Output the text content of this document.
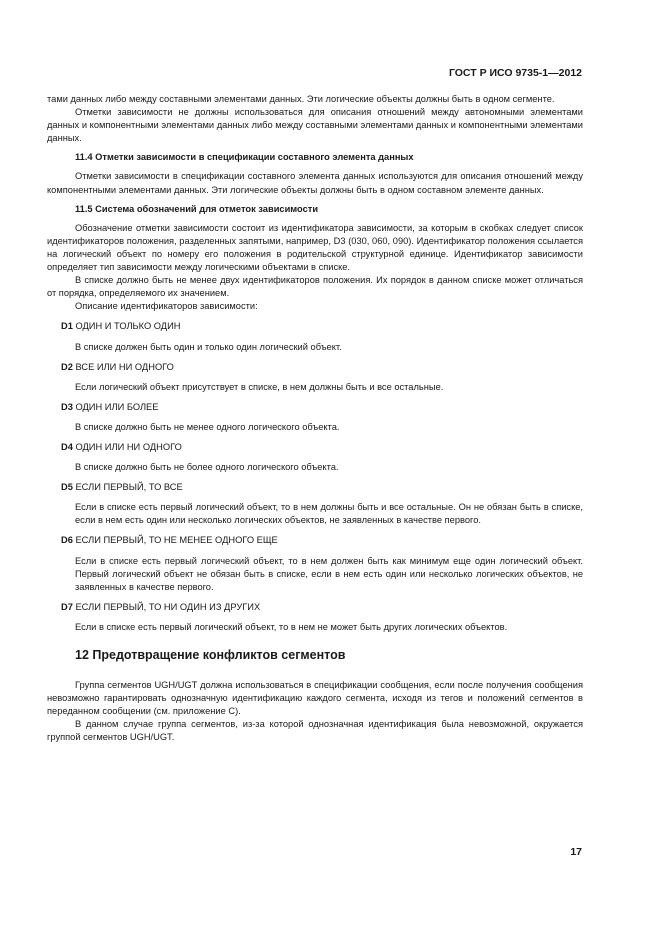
ГОСТ Р ИСО 9735-1—2012

тами данных либо между составными элементами данных. Эти логические объекты должны быть в одном сегменте.

Отметки зависимости не должны использоваться для описания отношений между автономными элементами данных и компонентными элементами данных либо между составными элементами данных и компонентными элементами данных.

11.4 Отметки зависимости в спецификации составного элемента данных

Отметки зависимости в спецификации составного элемента данных используются для описания отношений между компонентными элементами данных. Эти логические объекты должны быть в одном составном элементе данных.

11.5 Система обозначений для отметок зависимости

Обозначение отметки зависимости состоит из идентификатора зависимости, за которым в скобках следует список идентификаторов положения, разделенных запятыми, например, D3 (030, 060, 090). Идентификатор положения ссылается на логический объект по номеру его положения в родительской структурной единице. Идентификатор зависимости определяет тип зависимости между логическими объектами в списке.

В списке должно быть не менее двух идентификаторов положения. Их порядок в данном списке может отличаться от порядка, определяемого их значением.

Описание идентификаторов зависимости:

D1 ОДИН И ТОЛЬКО ОДИН

В списке должен быть один и только один логический объект.

D2 ВСЕ ИЛИ НИ ОДНОГО

Если логический объект присутствует в списке, в нем должны быть и все остальные.

D3 ОДИН ИЛИ БОЛЕЕ

В списке должно быть не менее одного логического объекта.

D4 ОДИН ИЛИ НИ ОДНОГО

В списке должно быть не более одного логического объекта.

D5 ЕСЛИ ПЕРВЫЙ, ТО ВСЕ

Если в списке есть первый логический объект, то в нем должны быть и все остальные. Он не обязан быть в списке, если в нем есть один или несколько логических объектов, не заявленных в качестве первого.

D6 ЕСЛИ ПЕРВЫЙ, ТО НЕ МЕНЕЕ ОДНОГО ЕЩЕ

Если в списке есть первый логический объект, то в нем должен быть как минимум еще один логический объект. Первый логический объект не обязан быть в списке, если в нем есть один или несколько логических объектов, не заявленных в качестве первого.

D7 ЕСЛИ ПЕРВЫЙ, ТО НИ ОДИН ИЗ ДРУГИХ

Если в списке есть первый логический объект, то в нем не может быть других логических объектов.

12 Предотвращение конфликтов сегментов

Группа сегментов UGH/UGT должна использоваться в спецификации сообщения, если после получения сообщения невозможно гарантировать однозначную идентификацию каждого сегмента, исходя из тегов и положений сегментов в переданном сообщении (см. приложение С).

В данном случае группа сегментов, из-за которой однозначная идентификация была невозможной, окружается группой сегментов UGH/UGT.

17
